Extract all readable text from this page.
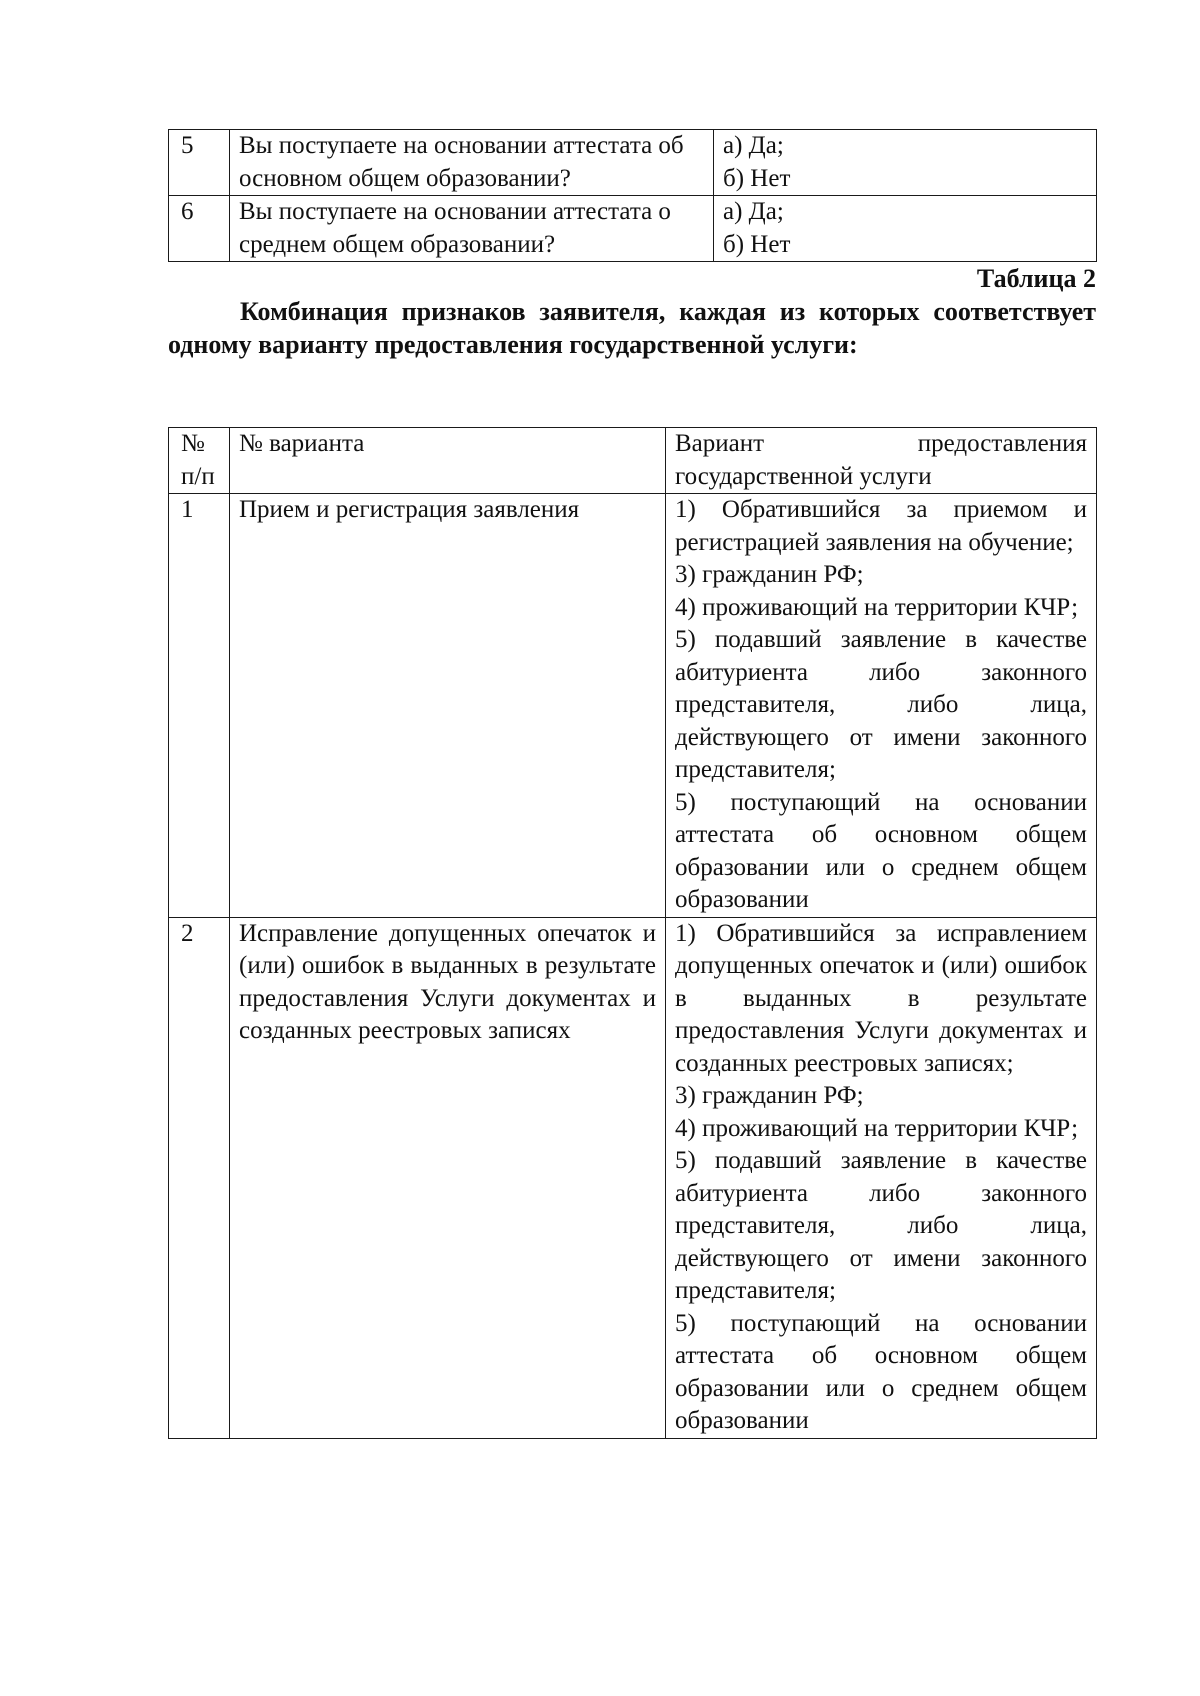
5	Вы поступаете на основании аттестата об основном общем образовании?	а) Да;
б) Нет

6	Вы поступаете на основании аттестата о среднем общем образовании?	а) Да;
б) Нет
Таблица 2
Комбинация признаков заявителя, каждая из которых соответствует одному варианту предоставления государственной услуги:
№ п/п	№ варианта	Вариант предоставления государственной услуги
1	Прием и регистрация заявления	1) Обратившийся за приемом и регистрацией заявления на обучение;
3) гражданин РФ;
4) проживающий на территории КЧР;
5) подавший заявление в качестве абитуриента либо законного представителя, либо лица, действующего от имени законного представителя;
5) поступающий на основании аттестата об основном общем образовании или о среднем общем образовании

2	Исправление допущенных опечаток и (или) ошибок в выданных в результате предоставления Услуги документах и созданных реестровых записях	1) Обратившийся за исправлением допущенных опечаток и (или) ошибок в выданных в результате предоставления Услуги документах и созданных реестровых записях;
3) гражданин РФ;
4) проживающий на территории КЧР;
5) подавший заявление в качестве абитуриента либо законного представителя, либо лица, действующего от имени законного представителя;
5) поступающий на основании аттестата об основном общем образовании или о среднем общем образовании
